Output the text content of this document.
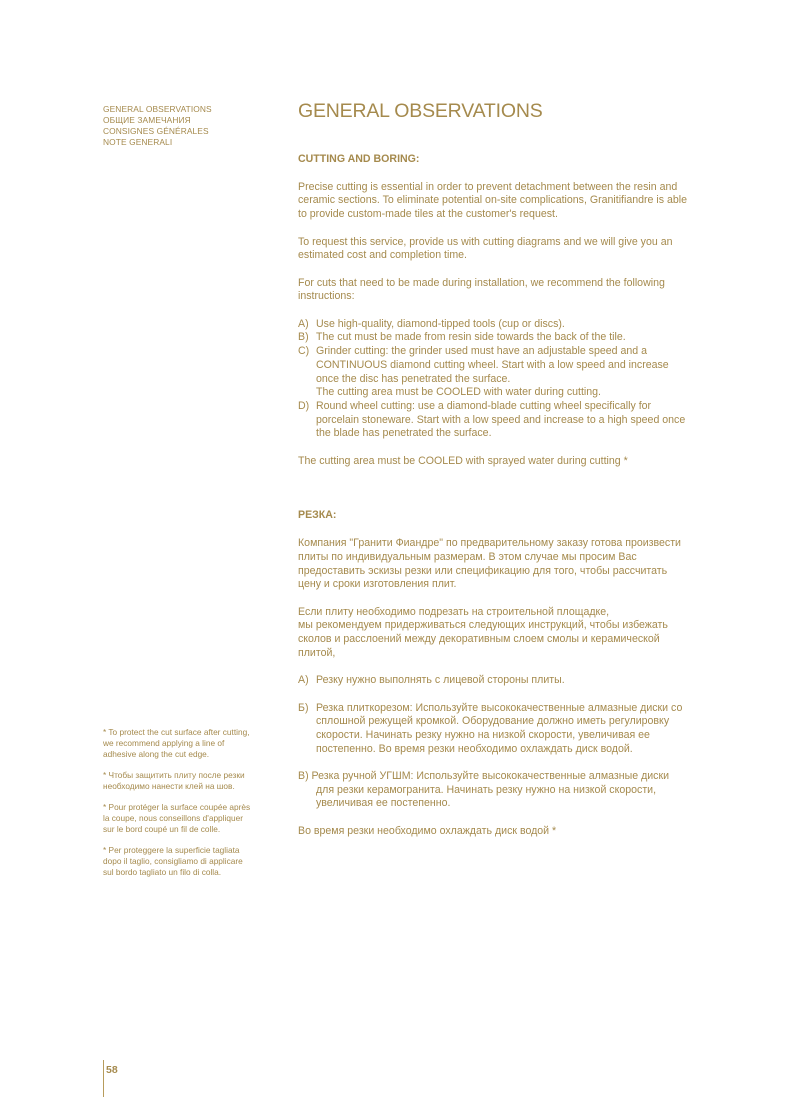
GENERAL OBSERVATIONS
ОБЩИЕ ЗАМЕЧАНИЯ
CONSIGNES GÉNÉRALES
NOTE GENERALI
GENERAL OBSERVATIONS
CUTTING AND BORING:

Precise cutting is essential in order to prevent detachment between the resin and ceramic sections. To eliminate potential on-site complications, Granitifiandre is able to provide custom-made tiles at the customer's request.

To request this service, provide us with cutting diagrams and we will give you an estimated cost and completion time.

For cuts that need to be made during installation, we recommend the following instructions:

A) Use high-quality, diamond-tipped tools (cup or discs).
B) The cut must be made from resin side towards the back of the tile.
C) Grinder cutting: the grinder used must have an adjustable speed and a CONTINUOUS diamond cutting wheel. Start with a low speed and increase once the disc has penetrated the surface.
The cutting area must be COOLED with water during cutting.
D) Round wheel cutting: use a diamond-blade cutting wheel specifically for porcelain stoneware. Start with a low speed and increase to a high speed once the blade has penetrated the surface.

The cutting area must be COOLED with sprayed water during cutting *

РЕЗКА:

Компания "Гранити Фиандре" по предварительному заказу готова произвести плиты по индивидуальным размерам. В этом случае мы просим Вас предоставить эскизы резки или спецификацию для того, чтобы рассчитать цену и сроки изготовления плит.

Если плиту необходимо подрезать на строительной площадке,
мы рекомендуем придерживаться следующих инструкций, чтобы избежать сколов и расслоений между декоративным слоем смолы и керамической плитой,

А) Резку нужно выполнять с лицевой стороны плиты.
Б) Резка плиткорезом: Используйте высококачественные алмазные диски со сплошной режущей кромкой. Оборудование должно иметь регулировку скорости. Начинать резку нужно на низкой скорости, увеличивая ее постепенно. Во время резки необходимо охлаждать диск водой.
В) Резка ручной УГШМ: Используйте высококачественные алмазные диски для резки керамогранита. Начинать резку нужно на низкой скорости, увеличивая ее постепенно.

Во время резки необходимо охлаждать диск водой *

* To protect the cut surface after cutting, we recommend applying a line of adhesive along the cut edge.

* Чтобы защитить плиту после резки необходимо нанести клей на шов.

* Pour protéger la surface coupée après la coupe, nous conseillons d'appliquer sur le bord coupé un fil de colle.

* Per proteggere la superficie tagliata dopo il taglio, consigliamo di applicare sul bordo tagliato un filo di colla.

58
